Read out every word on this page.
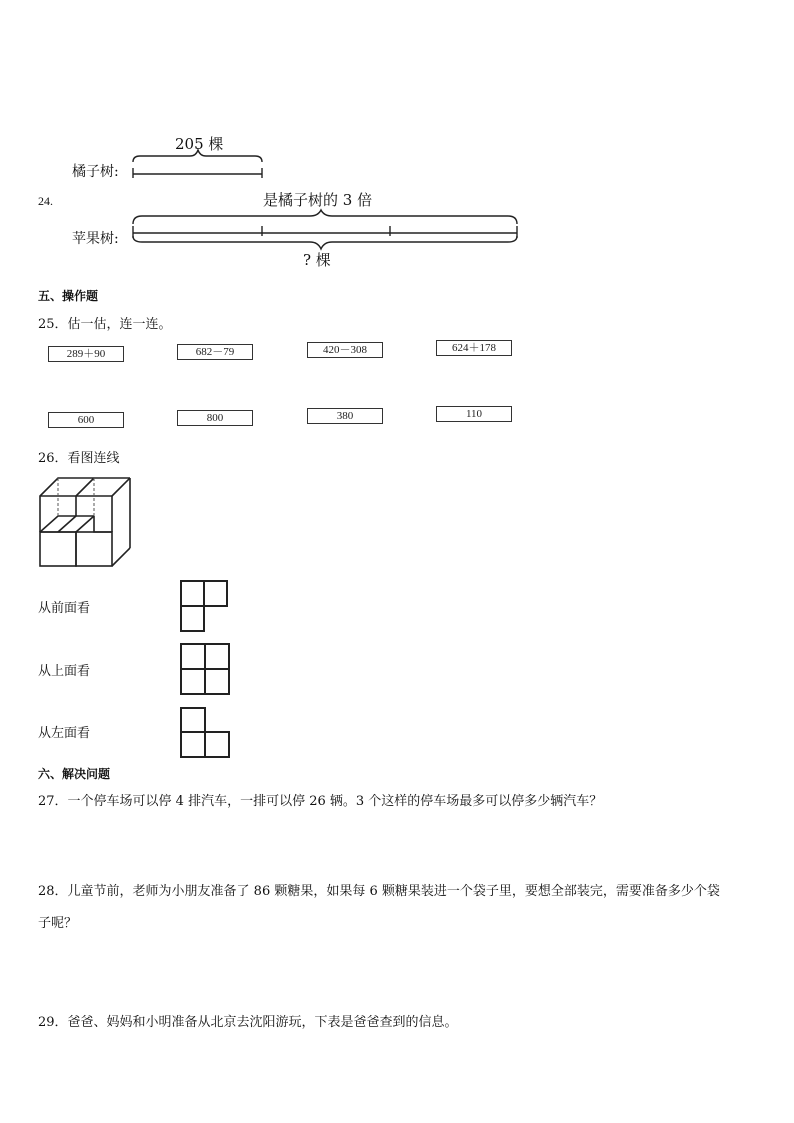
24.
205 棵
橘子树:
是橘子树的 3 倍
苹果树:
? 棵
五、操作题
25．估一估，连一连。
289＋90	682－79	420－308	624＋178
600	800	380	110
26．看图连线
从前面看
从上面看
从左面看
六、解决问题
27．一个停车场可以停 4 排汽车，一排可以停 26 辆。3 个这样的停车场最多可以停多少辆汽车？
28．儿童节前，老师为小朋友准备了 86 颗糖果，如果每 6 颗糖果装进一个袋子里，要想全部装完，需要准备多少个袋
子呢？
29．爸爸、妈妈和小明准备从北京去沈阳游玩，下表是爸爸查到的信息。
